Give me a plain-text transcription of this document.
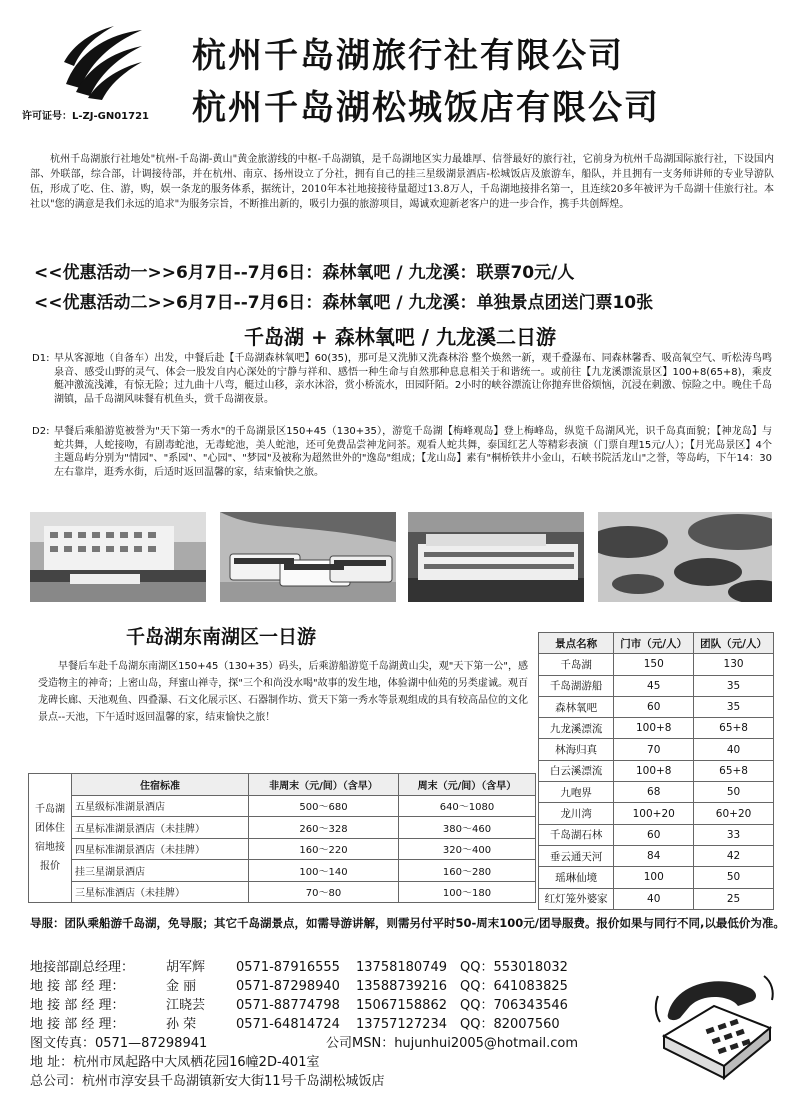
许可证号：L-ZJ-GN01721
杭州千岛湖旅行社有限公司
杭州千岛湖松城饭店有限公司
杭州千岛湖旅行社地处"杭州-千岛湖-黄山"黄金旅游线的中枢-千岛湖镇，是千岛湖地区实力最雄厚、信誉最好的旅行社，它前身为杭州千岛湖国际旅行社，下设国内部、外联部，综合部，计调接待部，并在杭州、南京、扬州设立了分社，拥有自己的挂三星级湖景酒店-松城饭店及旅游车，船队，并且拥有一支务师讲师的专业导游队伍，形成了吃、住、游，购，娱一条龙的服务体系，据统计，2010年本社地接接待量超过13.8万人，千岛湖地接排名第一，且连续20多年被评为千岛湖十佳旅行社。本社以"您的满意是我们永远的追求"为服务宗旨，不断推出新的，吸引力强的旅游项目，竭诚欢迎新老客户的进一步合作，携手共创辉煌。
<<优惠活动一>>6月7日--7月6日：森林氧吧 / 九龙溪：联票70元/人
<<优惠活动二>>6月7日--7月6日：森林氧吧 / 九龙溪：单独景点团送门票10张
千岛湖 + 森林氧吧 / 九龙溪二日游
D1: 早从客源地（自备车）出发，中餐后赴【千岛湖森林氧吧】60(35)，那可是又洗肺又洗森林浴 整个焕然一新，观千叠瀑布、同森林馨香、吸高氧空气、听松涛鸟鸣泉音、感受山野的灵气、体会一股发自内心深处的宁静与祥和、感悟一种生命与自然那种息息相关于和谐统一。或前往【九龙溪漂流景区】100+8(65+8)，乘皮艇冲激流浅滩，有惊无险；过九曲十八弯，艇过山移，亲水沐浴，赏小桥流水，田园阡陌。2小时的峡谷漂流让你抛弃世俗烦恼，沉浸在刺激、惊险之中。晚住千岛湖镇，品千岛湖风味餐有机鱼头，赏千岛湖夜景。
D2: 早餐后乘船游览被誉为"天下第一秀水"的千岛湖景区150+45（130+35），游览千岛湖【梅峰观岛】登上梅峰岛，纵览千岛湖风光，识千岛真面貌；【神龙岛】与蛇共舞，人蛇接吻，有剧毒蛇池，无毒蛇池，美人蛇池，还可免费品尝神龙问茶。观看人蛇共舞，泰国红艺人等精彩表演（门票自理15元/人）；【月光岛景区】4个主题岛屿分别为"情园"、"系园"、"心园"、"梦园"及被称为超然世外的"逸岛"组成；【龙山岛】素有"桐桥铁井小金山，石峡书院活龙山"之誉，等岛屿，下午14：30左右靠岸，逛秀水街，后适时返回温馨的家，结束愉快之旅。
千岛湖东南湖区一日游
早餐后车赴千岛湖东南湖区150+45（130+35）码头，后乘游船游览千岛湖黄山尖，观"天下第一公"，感受造物主的神奇；上密山岛，拜蜜山禅寺，探"三个和尚没水喝"故事的发生地，体验湖中仙苑的另类虚诚。观百龙碑长廊、天池观鱼、四叠瀑、石文化展示区、石器制作坊、赏天下第一秀水等景观组成的具有较高品位的文化景点--天池，下午适时返回温馨的家，结束愉快之旅！
景点名称	门市（元/人）	团队（元/人）
千岛湖	150	130
千岛湖游船	45	35
森林氧吧	60	35
九龙溪漂流	100+8	65+8
林海归真	70	40
白云溪漂流	100+8	65+8
九咆界	68	50
龙川湾	100+20	60+20
千岛湖石林	60	33
垂云通天河	84	42
瑶琳仙境	100	50
红灯笼外婆家	40	25
千岛湖团体住宿地接报价	住宿标准	非周末（元/间）（含早）	周末（元/间）（含早）
	五星级标准湖景酒店	500～680	640～1080
	五星标准湖景酒店（未挂牌）	260～328	380～460
	四星标准湖景酒店（未挂牌）	160～220	320～400
	挂三星湖景酒店	100～140	160～280
	三星标准酒店（未挂牌）	70～80	100～180
导服：团队乘船游千岛湖，免导服；其它千岛湖景点，如需导游讲解，则需另付平时50-周末100元/团导服费。报价如果与同行不同,以最低价为准。
地接部副总经理： 胡军辉 0571-87916555 13758180749 QQ：553018032
地 接 部 经 理：	金 丽	0571-87298940 13588739216 QQ：641083825
地 接 部 经 理：	江晓芸 0571-88774798 15067158862 QQ：706343546
地 接 部 经 理：	孙 荣	0571-64814724 13757127234 QQ：82007560
图文传真：0571—87298941	公司MSN：hujunhui2005@hotmail.com
地 址：杭州市凤起路中大凤栖花园16幢2D-401室
总公司：杭州市淳安县千岛湖镇新安大街11号千岛湖松城饭店
